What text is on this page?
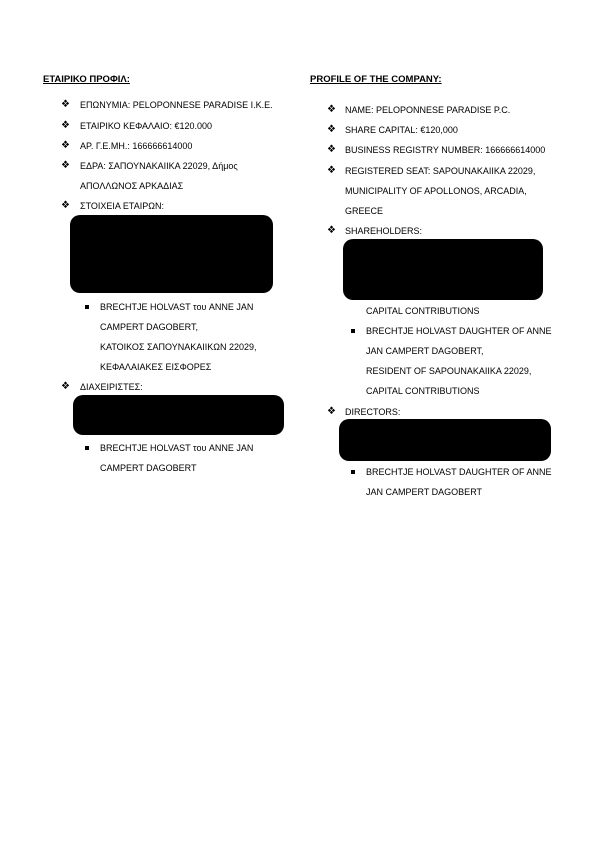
ΕΤΑΙΡΙΚΟ ΠΡΟΦΙΛ:
❖ ΕΠΩΝΥΜΙΑ: PELOPONNESE PARADISE I.K.E.
❖ ΕΤΑΙΡΙΚΟ ΚΕΦΑΛΑΙΟ: €120.000
❖ ΑΡ. Γ.Ε.ΜΗ.: 166666614000
❖ ΕΔΡΑ: ΣΑΠΟΥΝΑΚΑΙΙΚΑ 22029, Δήμος
ΑΠΟΛΛΩΝΟΣ ΑΡΚΑΔΙΑΣ
❖ ΣΤΟΙΧΕΙΑ ΕΤΑΙΡΩΝ:
BRECHTJE HOLVAST του ANNE JAN
CAMPERT DAGOBERT,
ΚΑΤΟΙΚΟΣ ΣΑΠΟΥΝΑΚΑΙΙΚΩΝ 22029,
ΚΕΦΑΛΑΙΑΚΕΣ ΕΙΣΦΟΡΕΣ
❖ ΔΙΑΧΕΙΡΙΣΤΕΣ:
BRECHTJE HOLVAST του ANNE JAN
CAMPERT DAGOBERT
PROFILE OF THE COMPANY:
❖ NAME: PELOPONNESE PARADISE P.C.
❖ SHARE CAPITAL: €120,000
❖ BUSINESS REGISTRY NUMBER: 166666614000
❖ REGISTERED SEAT: SAPOUNAKAIIKA 22029,
MUNICIPALITY OF APOLLONOS, ARCADIA,
GREECE
❖ SHAREHOLDERS:
CAPITAL CONTRIBUTIONS
BRECHTJE HOLVAST DAUGHTER OF ANNE
JAN CAMPERT DAGOBERT,
RESIDENT OF SAPOUNAKAIIKA 22029,
CAPITAL CONTRIBUTIONS
❖ DIRECTORS:
BRECHTJE HOLVAST DAUGHTER OF ANNE
JAN CAMPERT DAGOBERT
